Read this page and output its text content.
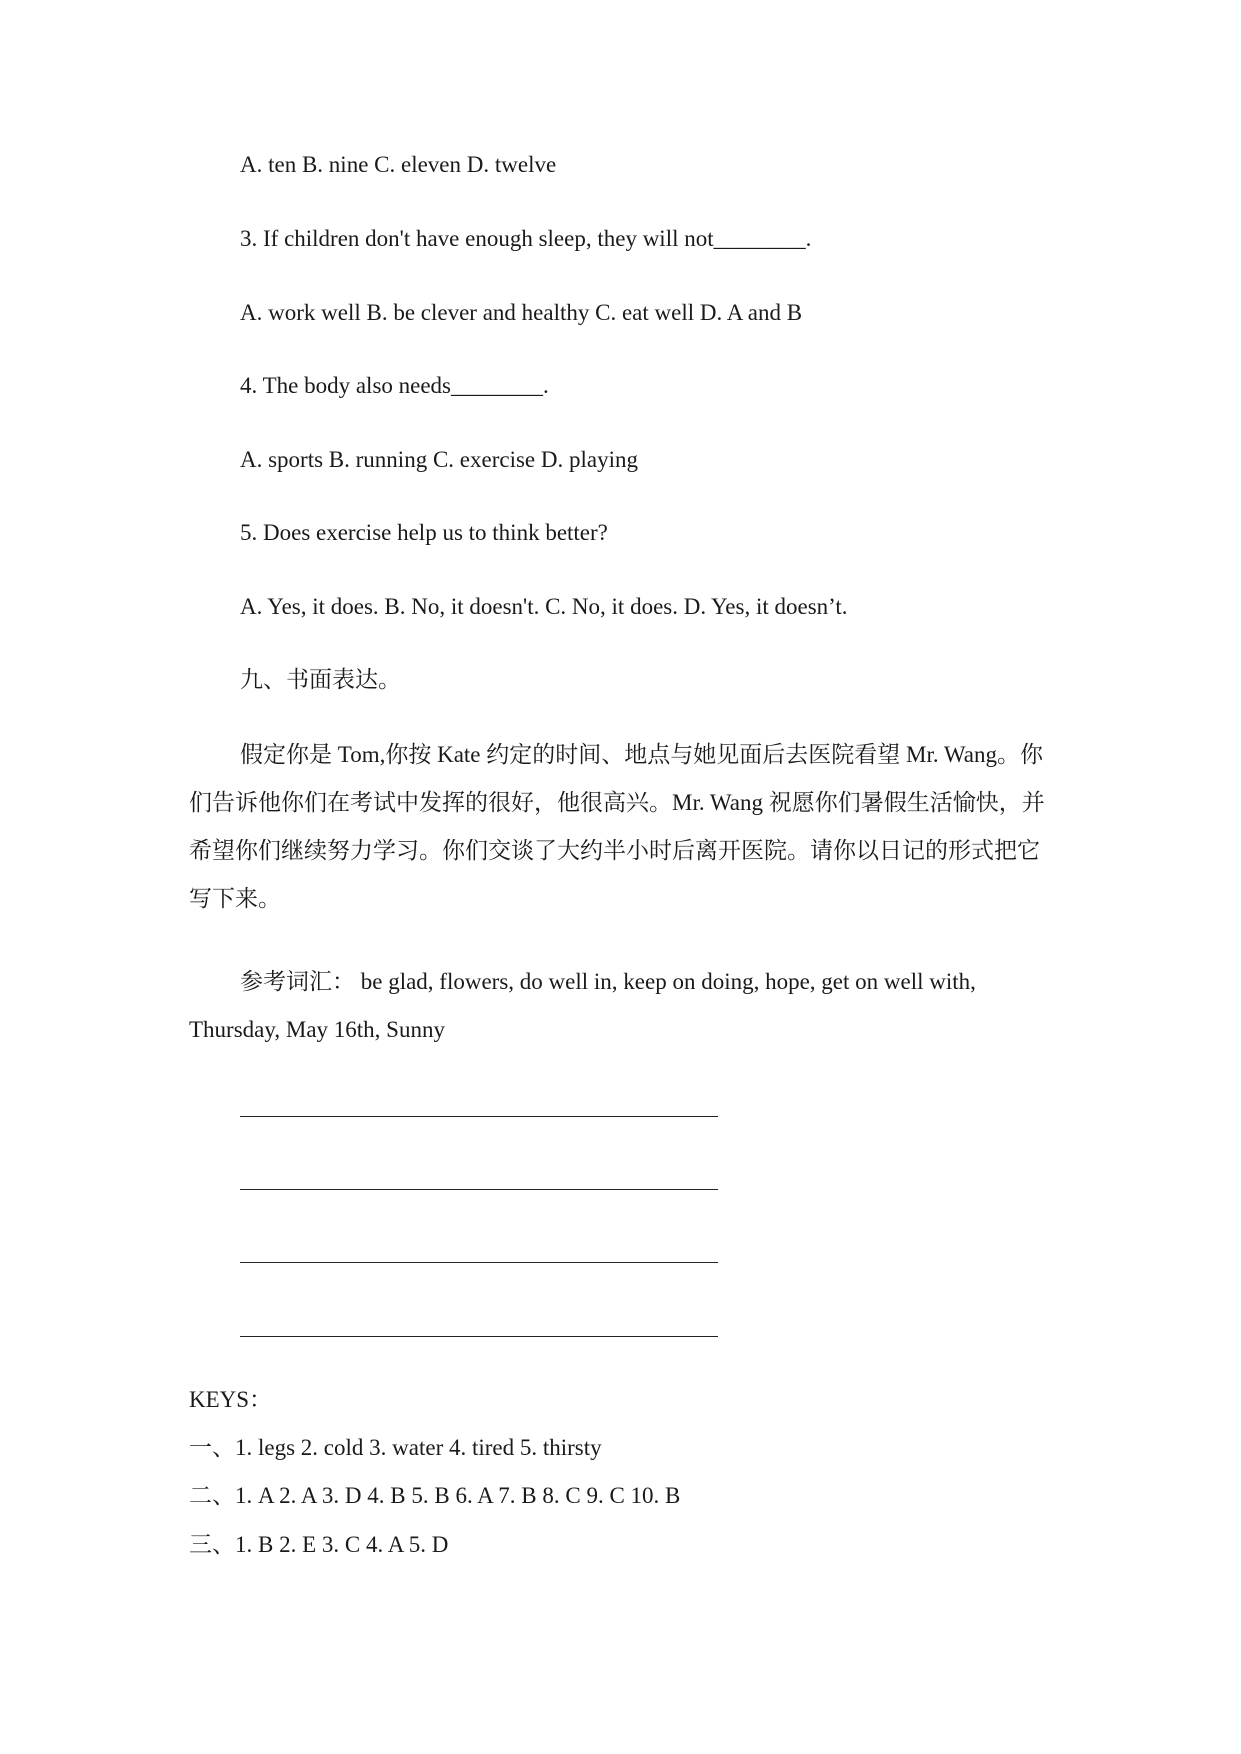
A. ten B. nine C. eleven D. twelve
3. If children don't have enough sleep, they will not________.
A. work well B. be clever and healthy C. eat well D. A and B
4. The body also needs________.
A. sports B. running C. exercise D. playing
5. Does exercise help us to think better?
A. Yes, it does. B. No, it doesn't. C. No, it does. D. Yes, it doesn’t.
九、书面表达。
假定你是 Tom,你按 Kate 约定的时间、地点与她见面后去医院看望 Mr. Wang。你们告诉他你们在考试中发挥的很好，他很高兴。Mr. Wang 祝愿你们暑假生活愉快，并希望你们继续努力学习。你们交谈了大约半小时后离开医院。请你以日记的形式把它写下来。
参考词汇： be glad, flowers, do well in, keep on doing, hope, get on well with, Thursday, May 16th, Sunny
KEYS：
一、1. legs 2. cold 3. water 4. tired 5. thirsty
二、1. A 2. A 3. D 4. B 5. B 6. A 7. B 8. C 9. C 10. B
三、1. B 2. E 3. C 4. A 5. D
